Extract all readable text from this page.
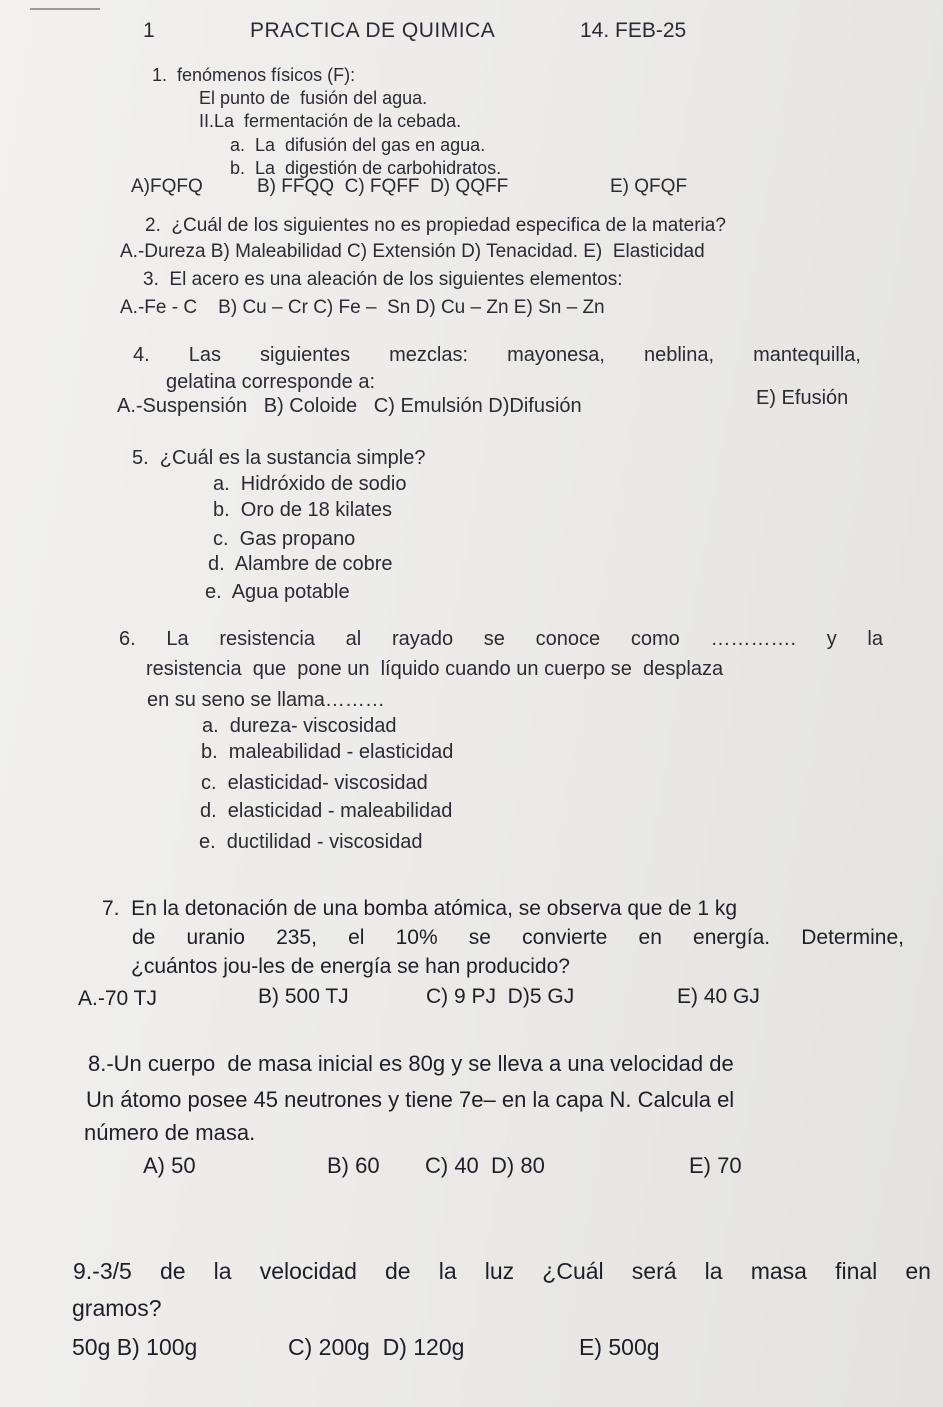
1	PRACTICA DE QUIMICA	14. FEB-25
1.  fenómenos físicos (F):
El punto de  fusión del agua.
II.La  fermentación de la cebada.
a.  La  difusión del gas en agua.
b.  La  digestión de carbohidratos.
A)FQFQ	B) FFQQ  C) FQFF  D) QQFF	E) QFQF
2.  ¿Cuál de los siguientes no es propiedad especifica de la materia?
A.-Dureza B) Maleabilidad C) Extensión D) Tenacidad. E)  Elasticidad
3.  El acero es una aleación de los siguientes elementos:
A.-Fe - C    B) Cu – Cr C) Fe –  Sn D) Cu – Zn E) Sn – Zn
4. Las siguientes mezclas: mayonesa, neblina, mantequilla,
gelatina corresponde a:
A.-Suspensión   B) Coloide   C) Emulsión D)Difusión	E) Efusión
5.  ¿Cuál es la sustancia simple?
a.  Hidróxido de sodio
b.  Oro de 18 kilates
c.  Gas propano
d.  Alambre de cobre
e.  Agua potable
6. La resistencia al rayado se conoce como …………. y la
resistencia  que  pone un  líquido cuando un cuerpo se  desplaza
en su seno se llama………
a.  dureza- viscosidad
b.  maleabilidad - elasticidad
c.  elasticidad- viscosidad
d.  elasticidad - maleabilidad
e.  ductilidad - viscosidad
7.  En la detonación de una bomba atómica, se observa que de 1 kg
de uranio 235, el 10% se convierte en energía. Determine,
¿cuántos jou-les de energía se han producido?
A.-70 TJ	B) 500 TJ	C) 9 PJ  D)5 GJ	E) 40 GJ
8.-Un cuerpo  de masa inicial es 80g y se lleva a una velocidad de
Un átomo posee 45 neutrones y tiene 7e– en la capa N. Calcula el
número de masa.
A) 50	B) 60 C) 40  D) 80	E) 70
9.-3/5 de la velocidad de la luz ¿Cuál será la masa final en
gramos?
50g B) 100g	C) 200g  D) 120g	E) 500g
